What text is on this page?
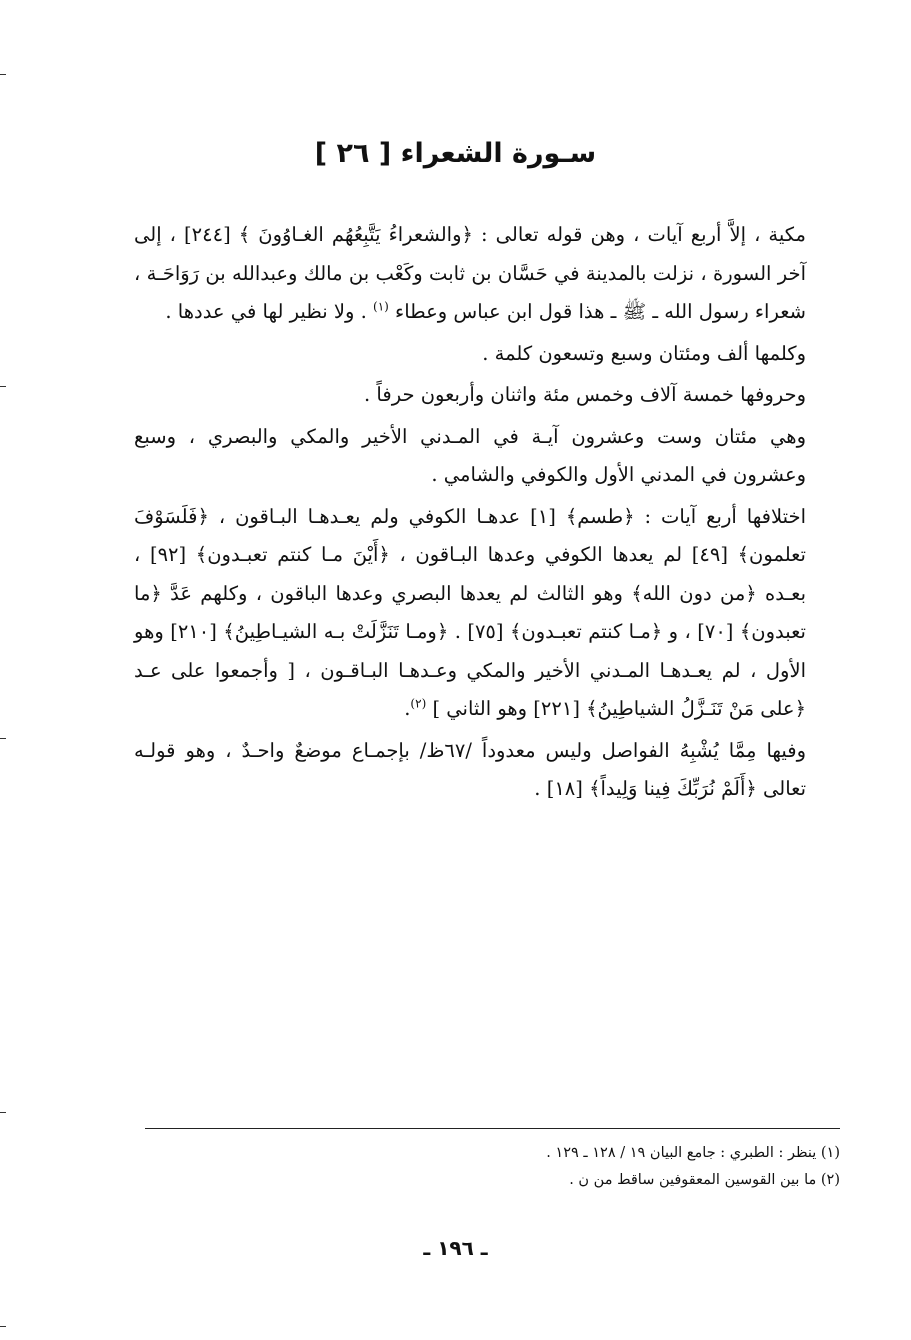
سـورة الشعراء [ ٢٦ ]

مكية ، إلاَّ أربع آيات ، وهن قوله تعالى : ﴿والشعراءُ يَتَّبِعُهُم الغـاوُونَ ﴾ [٢٤٤] ، إلى آخر السورة ، نزلت بالمدينة في حَسَّان بن ثابت وكَعْب بن مالك وعبدالله بن رَوَاحَـة ، شعراء رسول الله ـ ﷺ ـ هذا قول ابن عباس وعطاء $^{(١)}$ . ولا نظير لها في عددها .

وكلمها ألف ومئتان وسبع وتسعون كلمة .

وحروفها خمسة آلاف وخمس مئة واثنان وأربعون حرفاً .

وهي مئتان وست وعشرون آيـة في المـدني الأخير والمكي والبصري ، وسبع وعشرون في المدني الأول والكوفي والشامي .

اختلافها أربع آيات : ﴿طسم﴾ [١] عدهـا الكوفي ولم يعـدهـا البـاقون ، ﴿فَلَسَوْفَ تعلمون﴾ [٤٩] لم يعدها الكوفي وعدها البـاقون ، ﴿أَيْنَ مـا كنتم تعبـدون﴾ [٩٢] ، بعـده ﴿من دون الله﴾ وهو الثالث لم يعدها البصري وعدها الباقون ، وكلهم عَدَّ ﴿ما تعبدون﴾ [٧٠] ، و ﴿مـا كنتم تعبـدون﴾ [٧٥] . ﴿ومـا تَنَزَّلَتْ بـه الشيـاطِينُ﴾ [٢١٠] وهو الأول ، لم يعـدهـا المـدني الأخير والمكي وعـدهـا البـاقـون ، [ وأجمعوا على عـد ﴿على مَنْ تَنَـزَّلُ الشياطِينُ﴾ [٢٢١] وهو الثاني ] $^{(٢)}$.

وفيها مِمَّا يُشْبِهُ الفواصل وليس معدوداً /٦٧ظ/ بإجمـاع موضعٌ واحـدٌ ، وهو قولـه تعالى ﴿أَلَمْ نُرَبِّكَ فِينا وَلِيداً﴾ [١٨] .

(١) ينظر : الطبري : جامع البيان ١٩ / ١٢٨ ـ ١٢٩ .

(٢) ما بين القوسين المعقوفين ساقط من ن .

ـ ١٩٦ ـ
